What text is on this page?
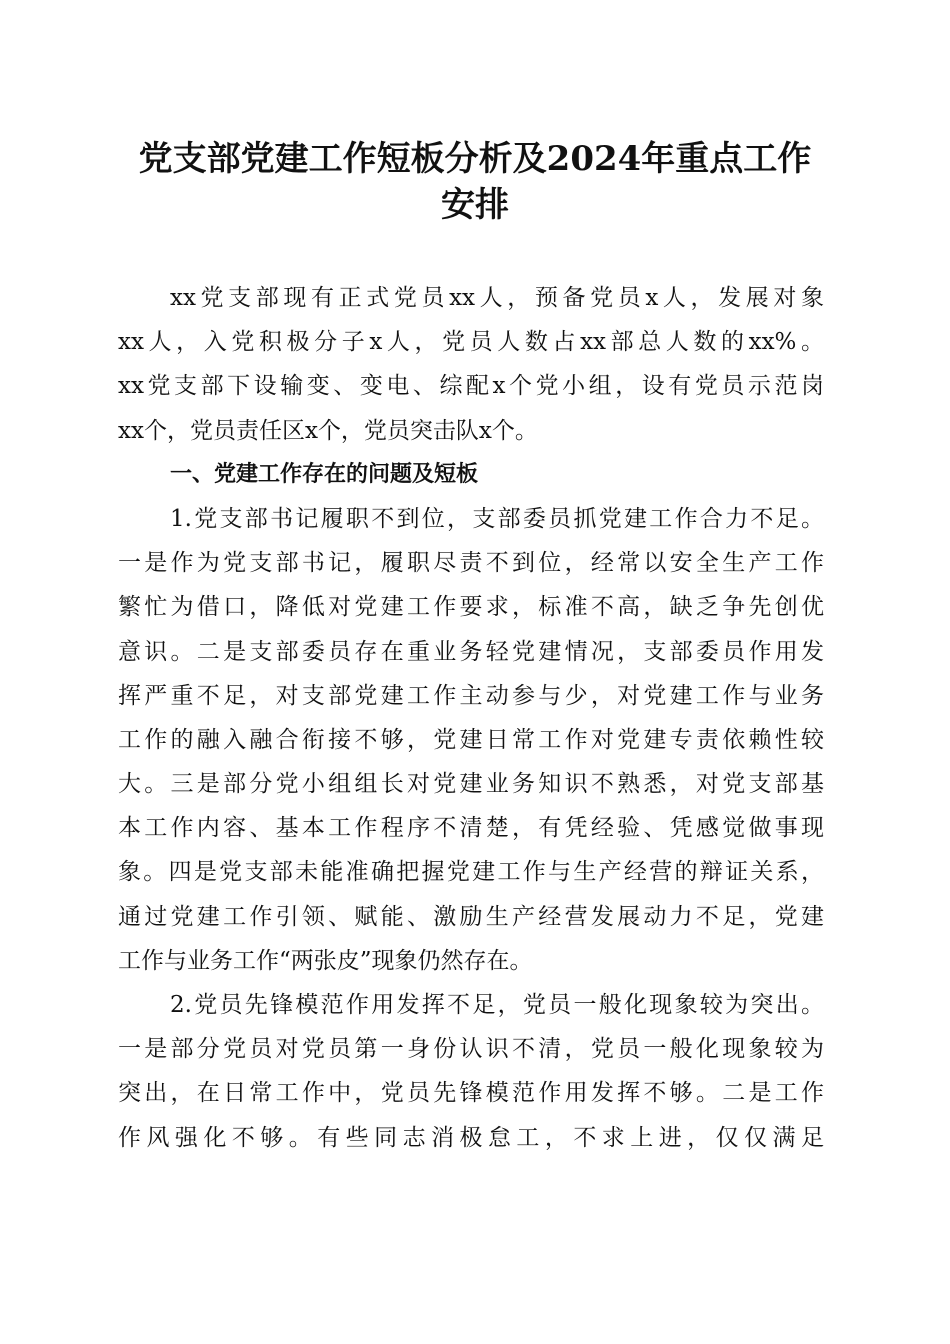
党支部党建工作短板分析及2024年重点工作
安排
xx党支部现有正式党员xx人，预备党员x人，发展对象
xx人，入党积极分子x人，党员人数占xx部总人数的xx%。
xx党支部下设输变、变电、综配x个党小组，设有党员示范岗
xx个，党员责任区x个，党员突击队x个。
一、党建工作存在的问题及短板
1.党支部书记履职不到位，支部委员抓党建工作合力不足。
一是作为党支部书记，履职尽责不到位，经常以安全生产工作
繁忙为借口，降低对党建工作要求，标准不高，缺乏争先创优
意识。二是支部委员存在重业务轻党建情况，支部委员作用发
挥严重不足，对支部党建工作主动参与少，对党建工作与业务
工作的融入融合衔接不够，党建日常工作对党建专责依赖性较
大。三是部分党小组组长对党建业务知识不熟悉，对党支部基
本工作内容、基本工作程序不清楚，有凭经验、凭感觉做事现
象。四是党支部未能准确把握党建工作与生产经营的辩证关系，
通过党建工作引领、赋能、激励生产经营发展动力不足，党建
工作与业务工作“两张皮”现象仍然存在。
2.党员先锋模范作用发挥不足，党员一般化现象较为突出。
一是部分党员对党员第一身份认识不清，党员一般化现象较为
突出，在日常工作中，党员先锋模范作用发挥不够。二是工作
作风强化不够。有些同志消极怠工，不求上进，仅仅满足
